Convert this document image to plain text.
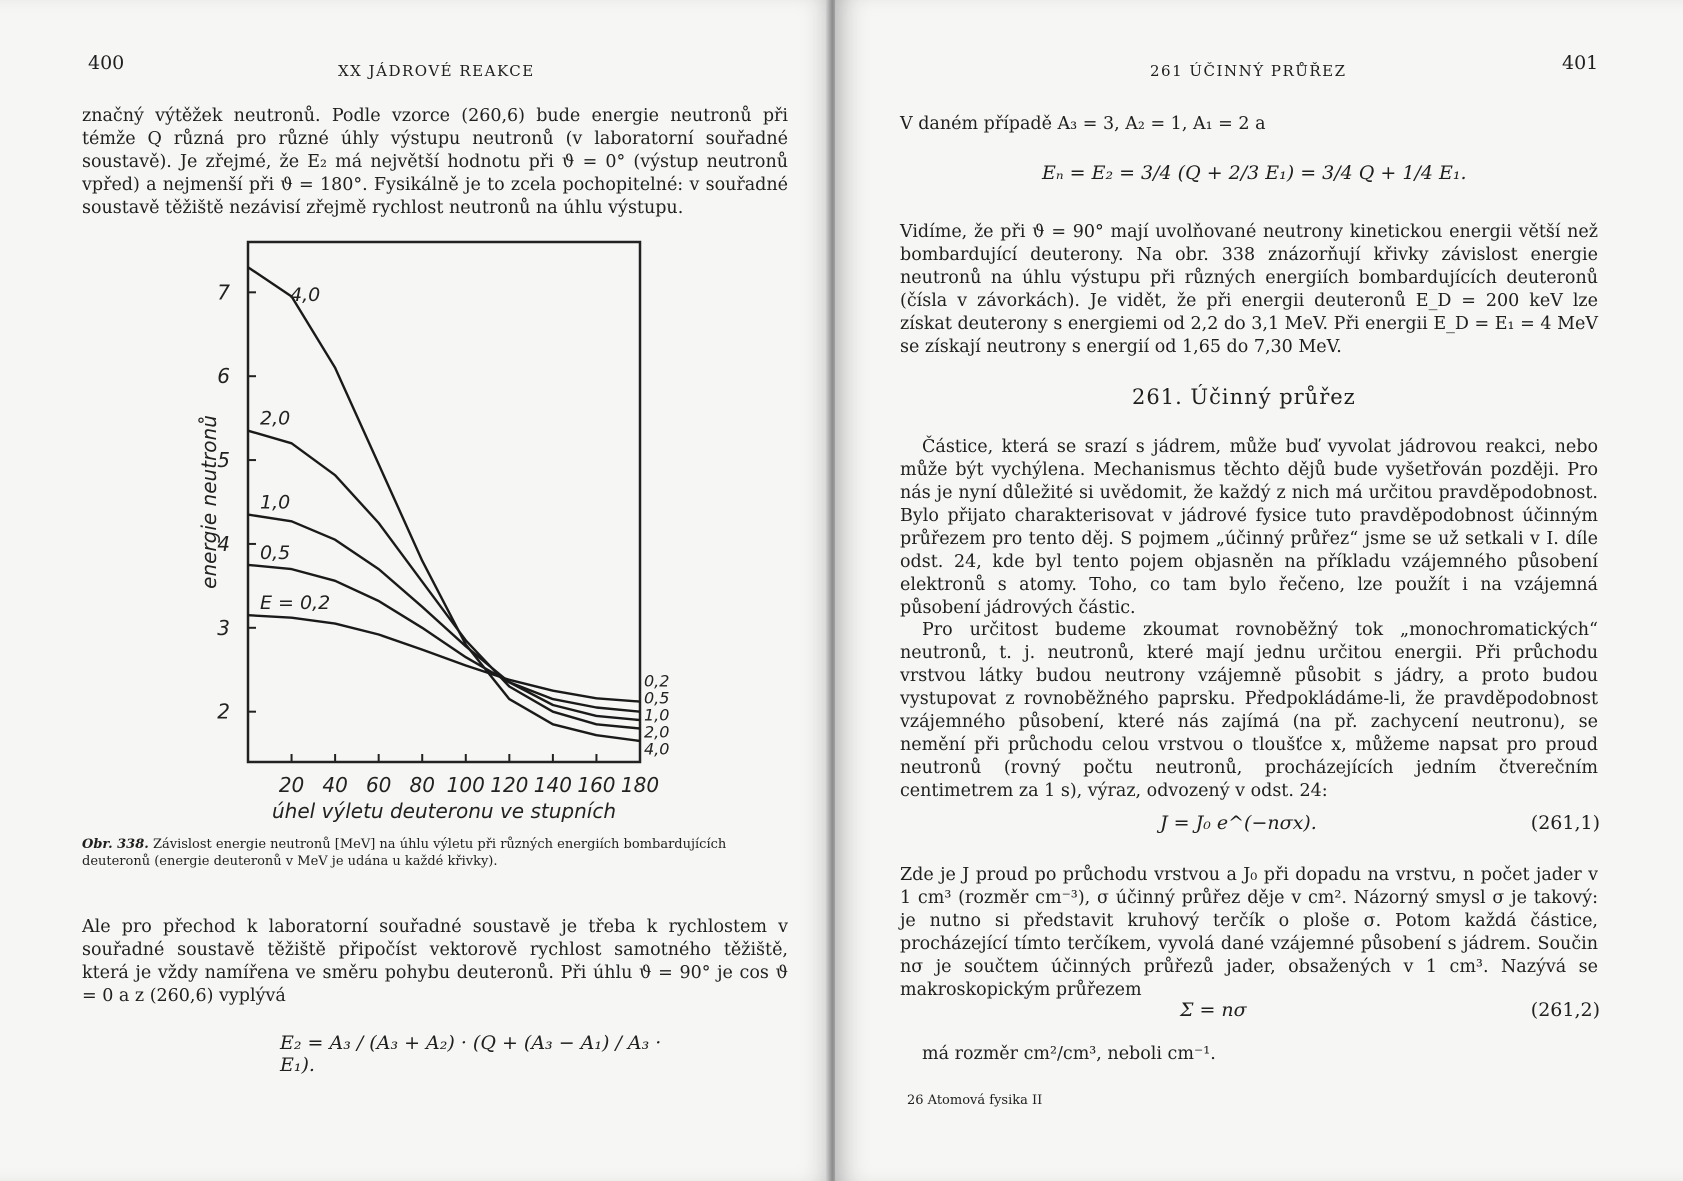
400	XX JÁDROVÉ REAKCE

značný výtěžek neutronů. Podle vzorce (260,6) bude energie neutronů při témže Q různá pro různé úhly výstupu neutronů (v laboratorní souřadné soustavě). Je zřejmé, že E₂ má největší hodnotu při ϑ = 0° (výstup neutronů vpřed) a nejmenší při ϑ = 180°. Fysikálně je to zcela pochopitelné: v souřadné soustavě těžiště nezávisí zřejmě rychlost neutronů na úhlu výstupu.

2
3
4
5
6
7
20 40 60 80 100 120 140 160 180
úhel výletu deuteronu ve stupních
energie neutronů
4,0
2,0
1,0
0,5
E = 0,2
0,2
0,5
1,0
2,0
4,0
Obr. 338. Závislost energie neutronů [MeV] na úhlu výletu při různých energiích bombardujících deuteronů (energie deuteronů v MeV je udána u každé křivky).

Ale pro přechod k laboratorní souřadné soustavě je třeba k rychlostem v souřadné soustavě těžiště připočíst vektorově rychlost samotného těžiště, která je vždy namířena ve směru pohybu deuteronů. Při úhlu ϑ = 90° je cos ϑ = 0 a z (260,6) vyplývá

E₂ = A₃ / (A₃ + A₂) · (Q + (A₃ − A₁) / A₃ · E₁).
401
261 ÚČINNÝ PRŮŘEZ

V daném případě A₃ = 3, A₂ = 1, A₁ = 2 a

Eₙ = E₂ = 3/4 (Q + 2/3 E₁) = 3/4 Q + 1/4 E₁.

Vidíme, že při ϑ = 90° mají uvolňované neutrony kinetickou energii větší než bombardující deuterony. Na obr. 338 znázorňují křivky závislost energie neutronů na úhlu výstupu při různých energiích bombardujících deuteronů (čísla v závorkách). Je vidět, že při energii deuteronů E_D = 200 keV lze získat deuterony s energiemi od 2,2 do 3,1 MeV. Při energii E_D = E₁ = 4 MeV se získají neutrony s energií od 1,65 do 7,30 MeV.

261. Účinný průřez

Částice, která se srazí s jádrem, může buď vyvolat jádrovou reakci, nebo může být vychýlena. Mechanismus těchto dějů bude vyšetřován později. Pro nás je nyní důležité si uvědomit, že každý z nich má určitou pravděpodobnost. Bylo přijato charakterisovat v jádrové fysice tuto pravděpodobnost účinným průřezem pro tento děj. S pojmem „účinný průřez“ jsme se už setkali v I. díle odst. 24, kde byl tento pojem objasněn na příkladu vzájemného působení elektronů s atomy. Toho, co tam bylo řečeno, lze použít i na vzájemná působení jádrových částic.

Pro určitost budeme zkoumat rovnoběžný tok „monochromatických“ neutronů, t. j. neutronů, které mají jednu určitou energii. Při průchodu vrstvou látky budou neutrony vzájemně působit s jádry, a proto budou vystupovat z rovnoběžného paprsku. Předpokládáme-li, že pravděpodobnost vzájemného působení, které nás zajímá (na př. zachycení neutronu), se nemění při průchodu celou vrstvou o tloušťce x, můžeme napsat pro proud neutronů (rovný počtu neutronů, procházejících jedním čtverečním centimetrem za 1 s), výraz, odvozený v odst. 24:

J = J₀ e^(−nσx).	(261,1)

Zde je J proud po průchodu vrstvou a J₀ při dopadu na vrstvu, n počet jader v 1 cm³ (rozměr cm⁻³), σ účinný průřez děje v cm². Názorný smysl σ je takový: je nutno si představit kruhový terčík o ploše σ. Potom každá částice, procházející tímto terčíkem, vyvolá dané vzájemné působení s jádrem. Součin nσ je součtem účinných průřezů jader, obsažených v 1 cm³. Nazývá se makroskopickým průřezem

Σ = nσ	(261,2)

má rozměr cm²/cm³, neboli cm⁻¹.

26 Atomová fysika II
